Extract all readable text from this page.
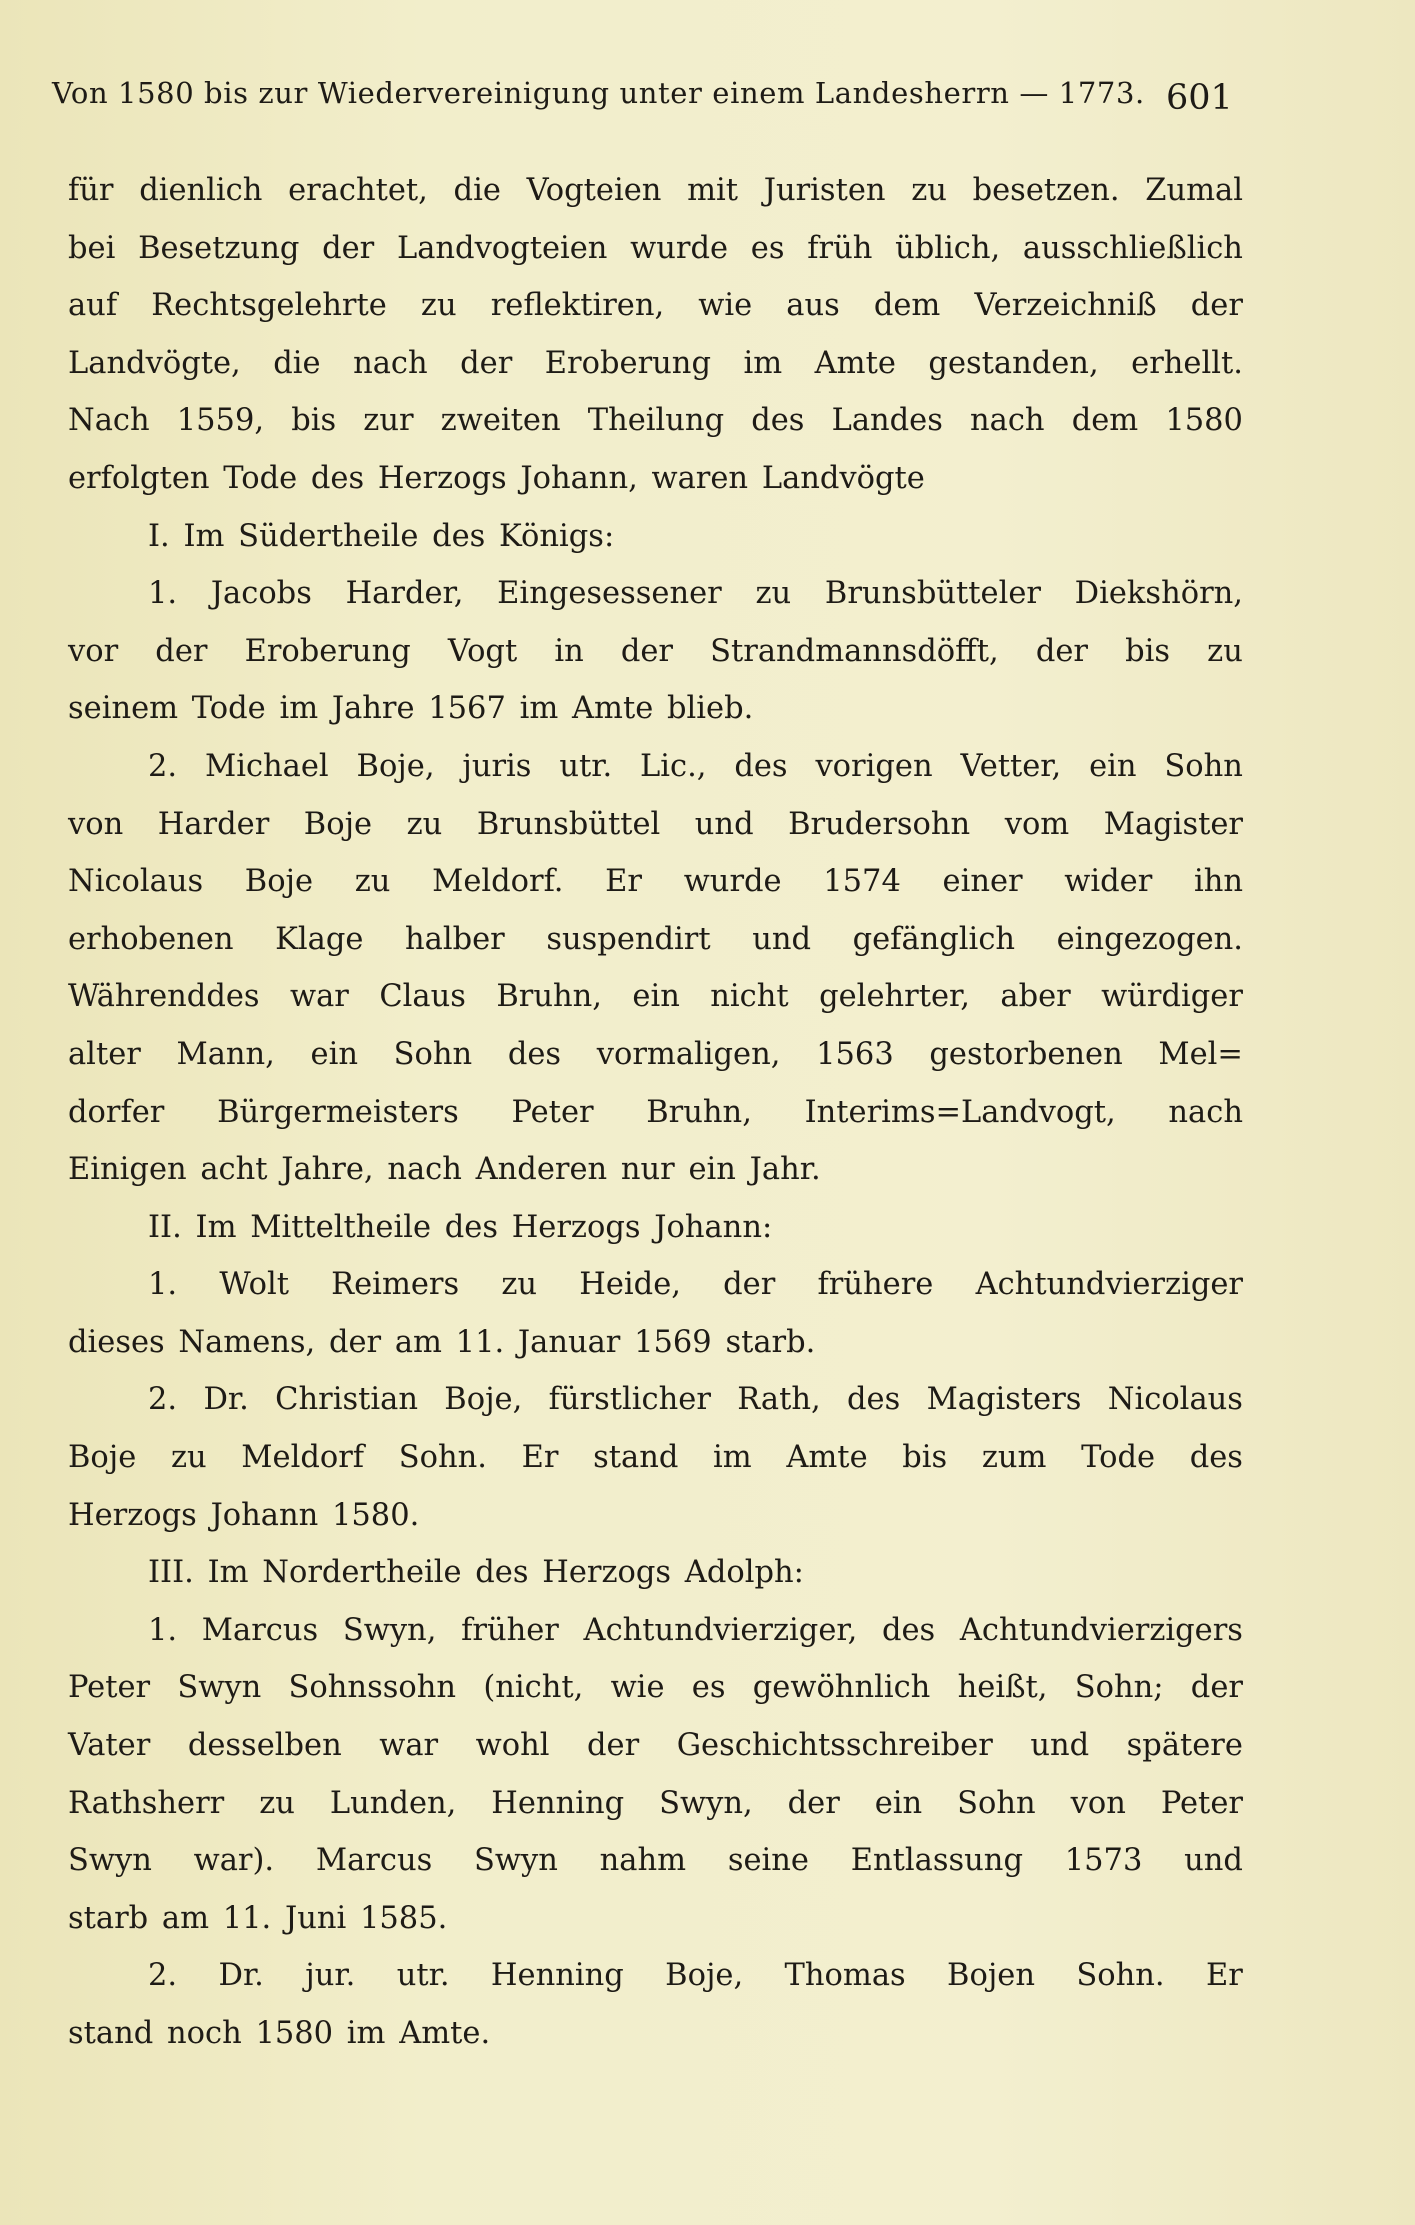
Von 1580 bis zur Wiedervereinigung unter einem Landesherrn — 1773. 601
für dienlich erachtet, die Vogteien mit Juristen zu besetzen. Zumal
bei Besetzung der Landvogteien wurde es früh üblich, ausschließlich
auf Rechtsgelehrte zu reflektiren, wie aus dem Verzeichniß der
Landvögte, die nach der Eroberung im Amte gestanden, erhellt.
Nach 1559, bis zur zweiten Theilung des Landes nach dem 1580
erfolgten Tode des Herzogs Johann, waren Landvögte
I. Im Südertheile des Königs:
1. Jacobs Harder, Eingesessener zu Brunsbütteler Diekshörn,
vor der Eroberung Vogt in der Strandmannsdöfft, der bis zu
seinem Tode im Jahre 1567 im Amte blieb.
2. Michael Boje, juris utr. Lic., des vorigen Vetter, ein Sohn
von Harder Boje zu Brunsbüttel und Brudersohn vom Magister
Nicolaus Boje zu Meldorf. Er wurde 1574 einer wider ihn
erhobenen Klage halber suspendirt und gefänglich eingezogen.
Währenddes war Claus Bruhn, ein nicht gelehrter, aber würdiger
alter Mann, ein Sohn des vormaligen, 1563 gestorbenen Mel=
dorfer Bürgermeisters Peter Bruhn, Interims=Landvogt, nach
Einigen acht Jahre, nach Anderen nur ein Jahr.
II. Im Mitteltheile des Herzogs Johann:
1. Wolt Reimers zu Heide, der frühere Achtundvierziger
dieses Namens, der am 11. Januar 1569 starb.
2. Dr. Christian Boje, fürstlicher Rath, des Magisters Nicolaus
Boje zu Meldorf Sohn. Er stand im Amte bis zum Tode des
Herzogs Johann 1580.
III. Im Nordertheile des Herzogs Adolph:
1. Marcus Swyn, früher Achtundvierziger, des Achtundvierzigers
Peter Swyn Sohnssohn (nicht, wie es gewöhnlich heißt, Sohn; der
Vater desselben war wohl der Geschichtsschreiber und spätere
Rathsherr zu Lunden, Henning Swyn, der ein Sohn von Peter
Swyn war). Marcus Swyn nahm seine Entlassung 1573 und
starb am 11. Juni 1585.
2. Dr. jur. utr. Henning Boje, Thomas Bojen Sohn. Er
stand noch 1580 im Amte.
